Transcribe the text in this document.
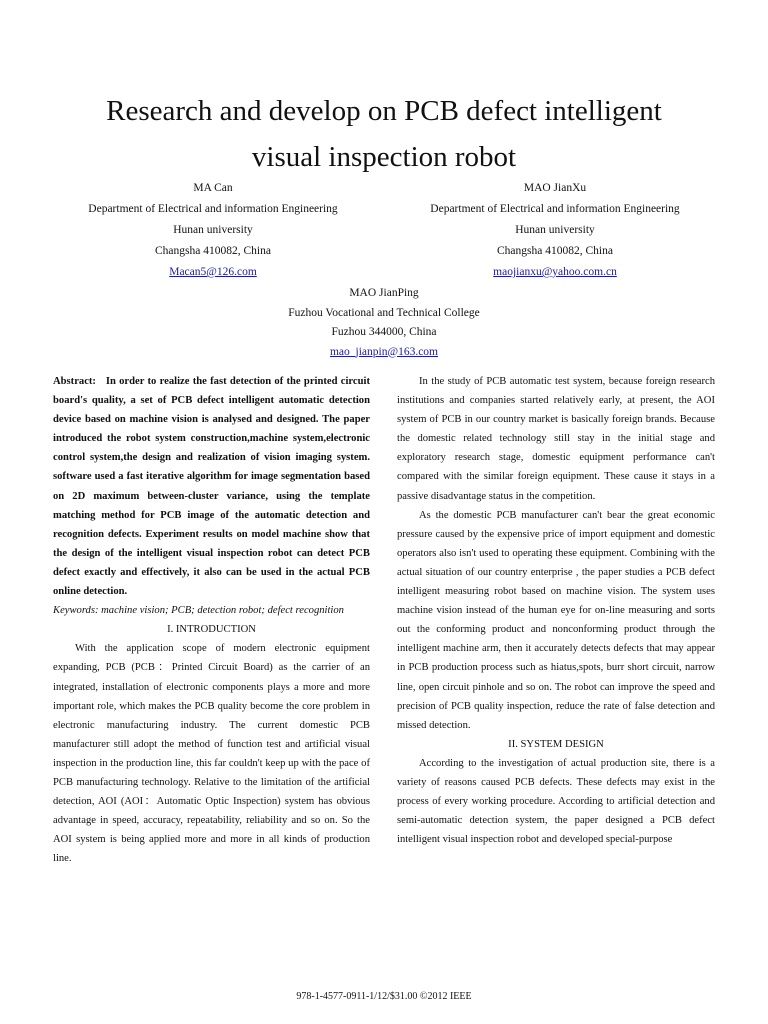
Research and develop on PCB defect intelligent
visual inspection robot
MA Can
Department of Electrical and information Engineering
Hunan university
Changsha 410082, China
Macan5@126.com
MAO JianXu
Department of Electrical and information Engineering
Hunan university
Changsha 410082, China
maojianxu@yahoo.com.cn
MAO JianPing
Fuzhou Vocational and Technical College
Fuzhou 344000, China
mao_jianpin@163.com

Abstract: In order to realize the fast detection of the printed circuit board's quality, a set of PCB defect intelligent automatic detection device based on machine vision is analysed and designed. The paper introduced the robot system construction,machine system,electronic control system,the design and realization of vision imaging system. software used a fast iterative algorithm for image segmentation based on 2D maximum between-cluster variance, using the template matching method for PCB image of the automatic detection and recognition defects. Experiment results on model machine show that the design of the intelligent visual inspection robot can detect PCB defect exactly and effectively, it also can be used in the actual PCB online detection.

Keywords: machine vision; PCB; detection robot; defect recognition

I. INTRODUCTION

With the application scope of modern electronic equipment expanding, PCB (PCB：Printed Circuit Board) as the carrier of an integrated, installation of electronic components plays a more and more important role, which makes the PCB quality become the core problem in electronic manufacturing industry. The current domestic PCB manufacturer still adopt the method of function test and artificial visual inspection in the production line, this far couldn't keep up with the pace of PCB manufacturing technology. Relative to the limitation of the artificial detection, AOI (AOI：Automatic Optic Inspection) system has obvious advantage in speed, accuracy, repeatability, reliability and so on. So the AOI system is being applied more and more in all kinds of production line.

In the study of PCB automatic test system, because foreign research institutions and companies started relatively early, at present, the AOI system of PCB in our country market is basically foreign brands. Because the domestic related technology still stay in the initial stage and exploratory research stage, domestic equipment performance can't compared with the similar foreign equipment. These cause it stays in a passive disadvantage status in the competition.

As the domestic PCB manufacturer can't bear the great economic pressure caused by the expensive price of import equipment and domestic operators also isn't used to operating these equipment. Combining with the actual situation of our country enterprise , the paper studies a PCB defect intelligent measuring robot based on machine vision. The system uses machine vision instead of the human eye for on-line measuring and sorts out the conforming product and nonconforming product through the intelligent machine arm, then it accurately detects defects that may appear in PCB production process such as hiatus,spots, burr short circuit, narrow line, open circuit pinhole and so on. The robot can improve the speed and precision of PCB quality inspection, reduce the rate of false detection and missed detection.

II. SYSTEM DESIGN

According to the investigation of actual production site, there is a variety of reasons caused PCB defects. These defects may exist in the process of every working procedure. According to artificial detection and semi-automatic detection system, the paper designed a PCB defect intelligent visual inspection robot and developed special-purpose

978-1-4577-0911-1/12/$31.00 ©2012 IEEE
